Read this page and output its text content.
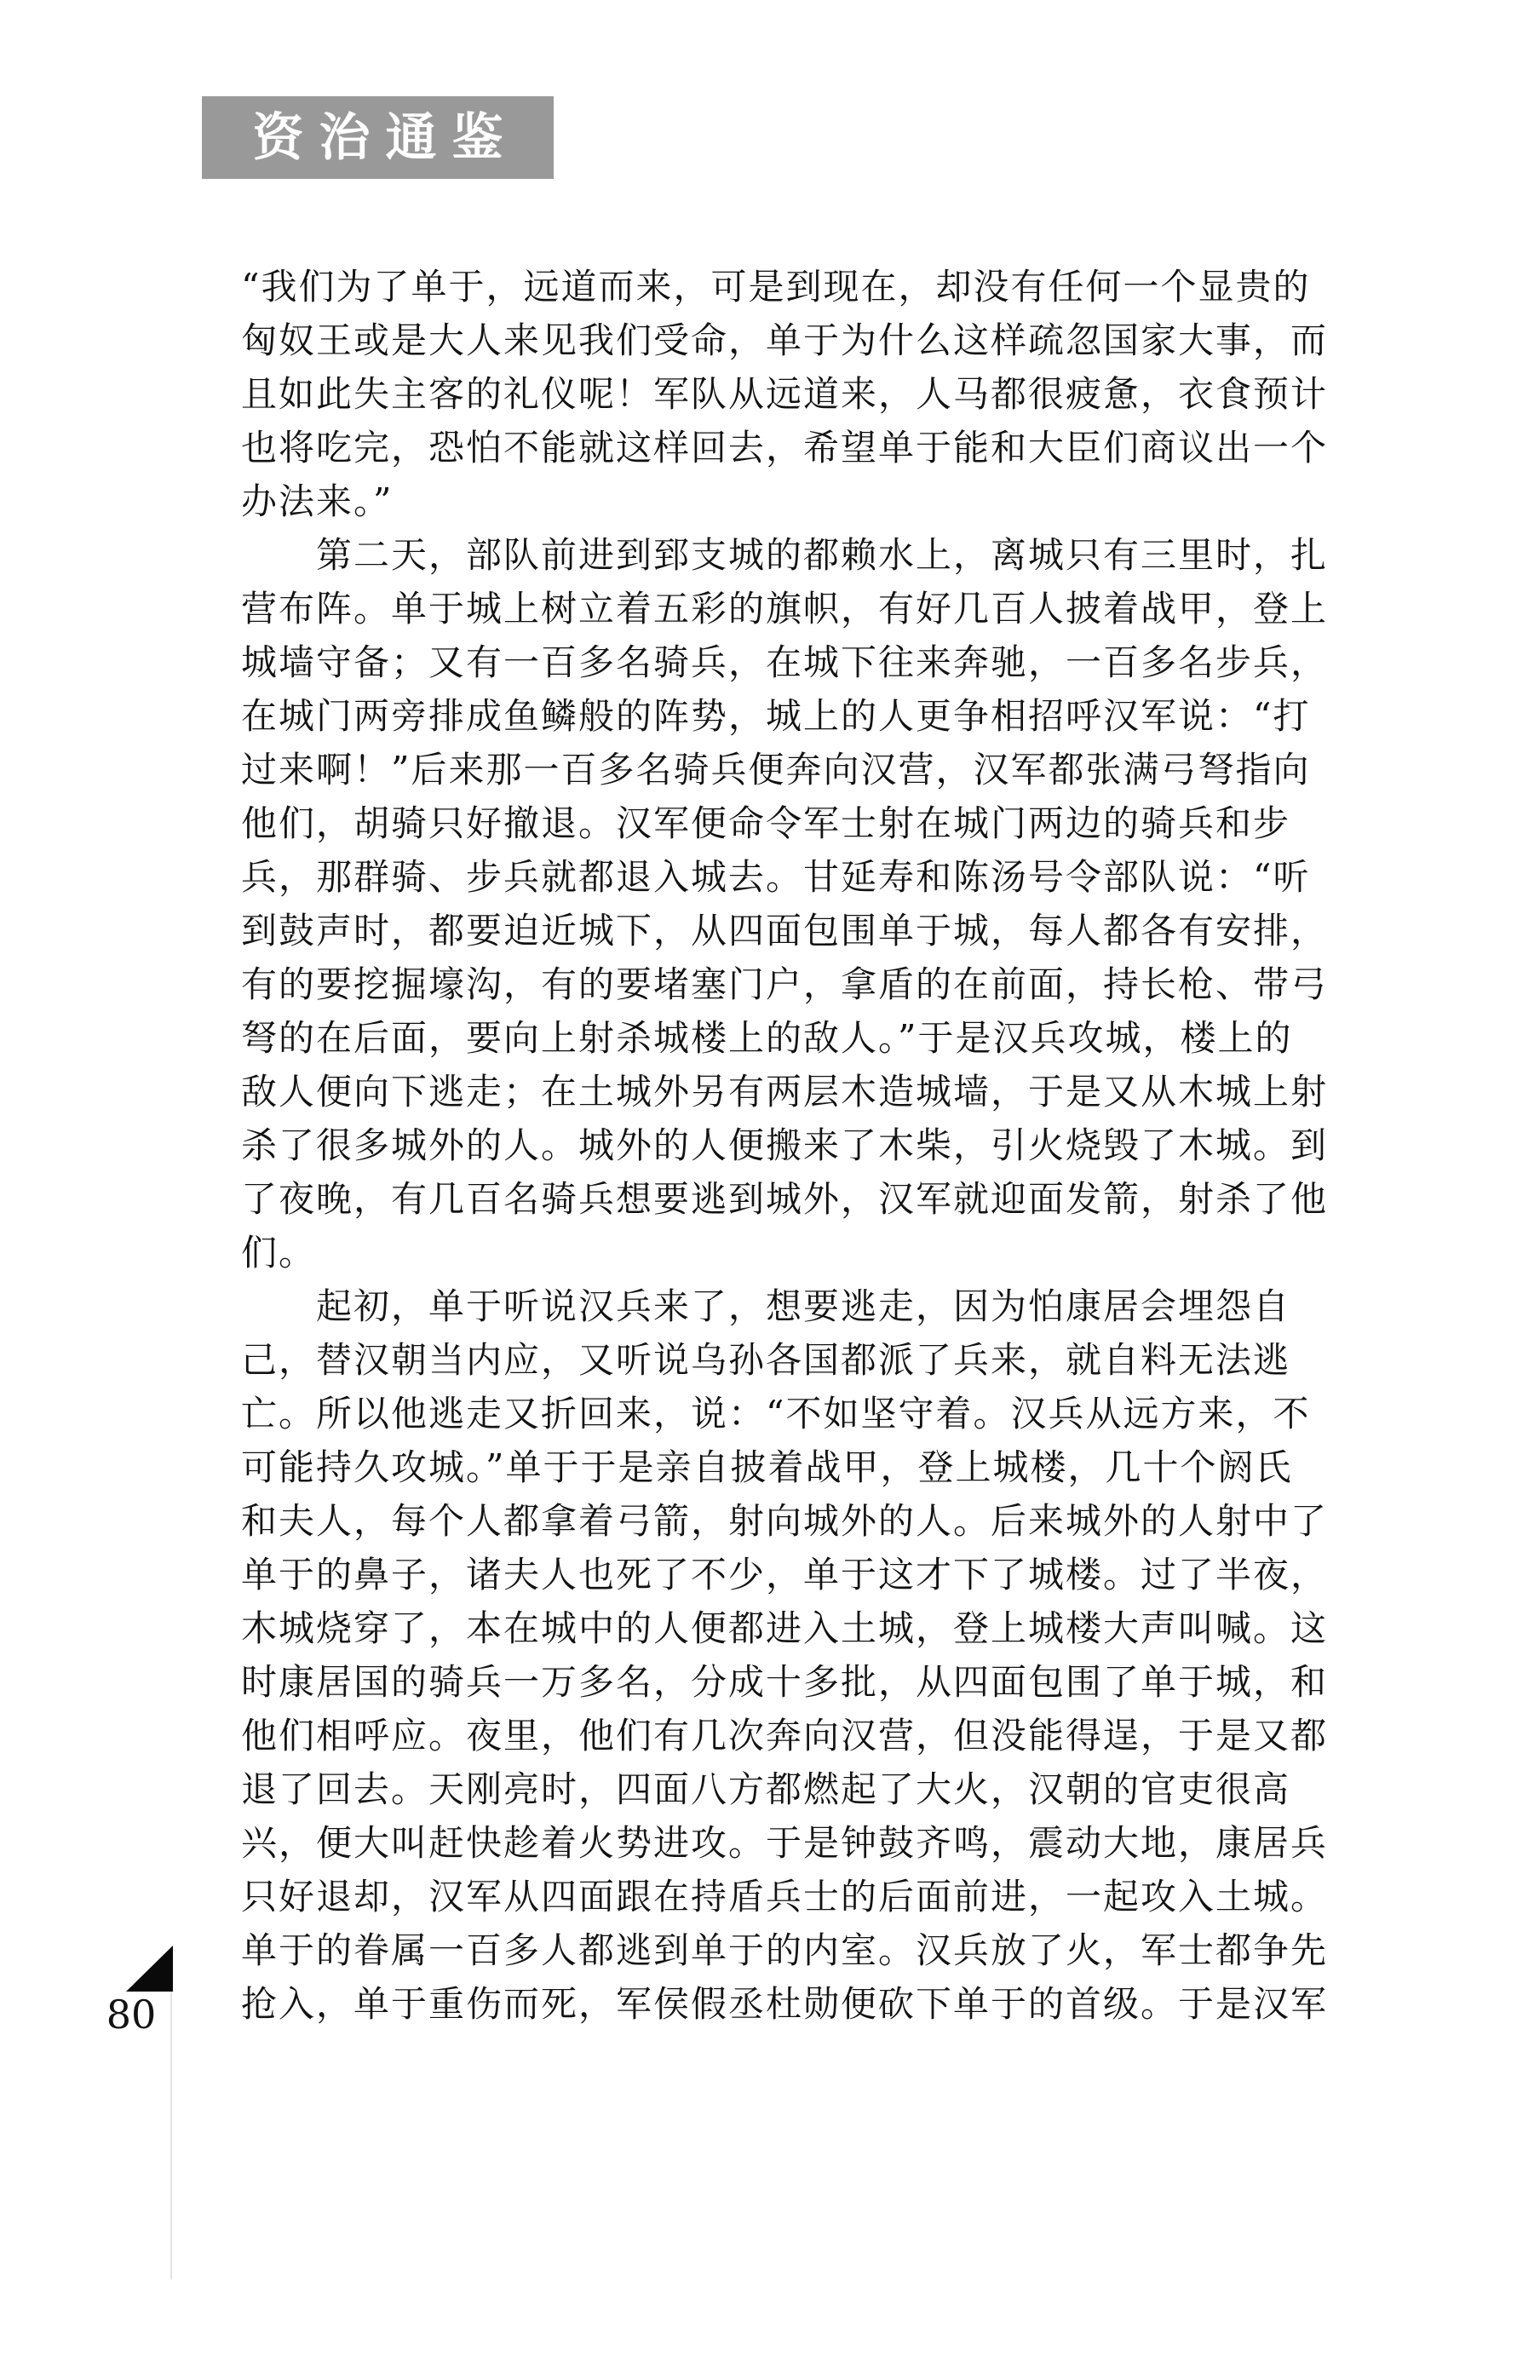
资治通鉴
“我们为了单于，远道而来，可是到现在，却没有任何一个显贵的
匈奴王或是大人来见我们受命，单于为什么这样疏忽国家大事，而
且如此失主客的礼仪呢！军队从远道来，人马都很疲惫，衣食预计
也将吃完，恐怕不能就这样回去，希望单于能和大臣们商议出一个
办法来。”
第二天，部队前进到郅支城的都赖水上，离城只有三里时，扎
营布阵。单于城上树立着五彩的旗帜，有好几百人披着战甲，登上
城墙守备；又有一百多名骑兵，在城下往来奔驰，一百多名步兵，
在城门两旁排成鱼鳞般的阵势，城上的人更争相招呼汉军说：“打
过来啊！”后来那一百多名骑兵便奔向汉营，汉军都张满弓弩指向
他们，胡骑只好撤退。汉军便命令军士射在城门两边的骑兵和步
兵，那群骑、步兵就都退入城去。甘延寿和陈汤号令部队说：“听
到鼓声时，都要迫近城下，从四面包围单于城，每人都各有安排，
有的要挖掘壕沟，有的要堵塞门户，拿盾的在前面，持长枪、带弓
弩的在后面，要向上射杀城楼上的敌人。”于是汉兵攻城，楼上的
敌人便向下逃走；在土城外另有两层木造城墙，于是又从木城上射
杀了很多城外的人。城外的人便搬来了木柴，引火烧毁了木城。到
了夜晚，有几百名骑兵想要逃到城外，汉军就迎面发箭，射杀了他
们。
起初，单于听说汉兵来了，想要逃走，因为怕康居会埋怨自
己，替汉朝当内应，又听说乌孙各国都派了兵来，就自料无法逃
亡。所以他逃走又折回来，说：“不如坚守着。汉兵从远方来，不
可能持久攻城。”单于于是亲自披着战甲，登上城楼，几十个阏氏
和夫人，每个人都拿着弓箭，射向城外的人。后来城外的人射中了
单于的鼻子，诸夫人也死了不少，单于这才下了城楼。过了半夜，
木城烧穿了，本在城中的人便都进入土城，登上城楼大声叫喊。这
时康居国的骑兵一万多名，分成十多批，从四面包围了单于城，和
他们相呼应。夜里，他们有几次奔向汉营，但没能得逞，于是又都
退了回去。天刚亮时，四面八方都燃起了大火，汉朝的官吏很高
兴，便大叫赶快趁着火势进攻。于是钟鼓齐鸣，震动大地，康居兵
只好退却，汉军从四面跟在持盾兵士的后面前进，一起攻入土城。
单于的眷属一百多人都逃到单于的内室。汉兵放了火，军士都争先
抢入，单于重伤而死，军侯假丞杜勋便砍下单于的首级。于是汉军
80
